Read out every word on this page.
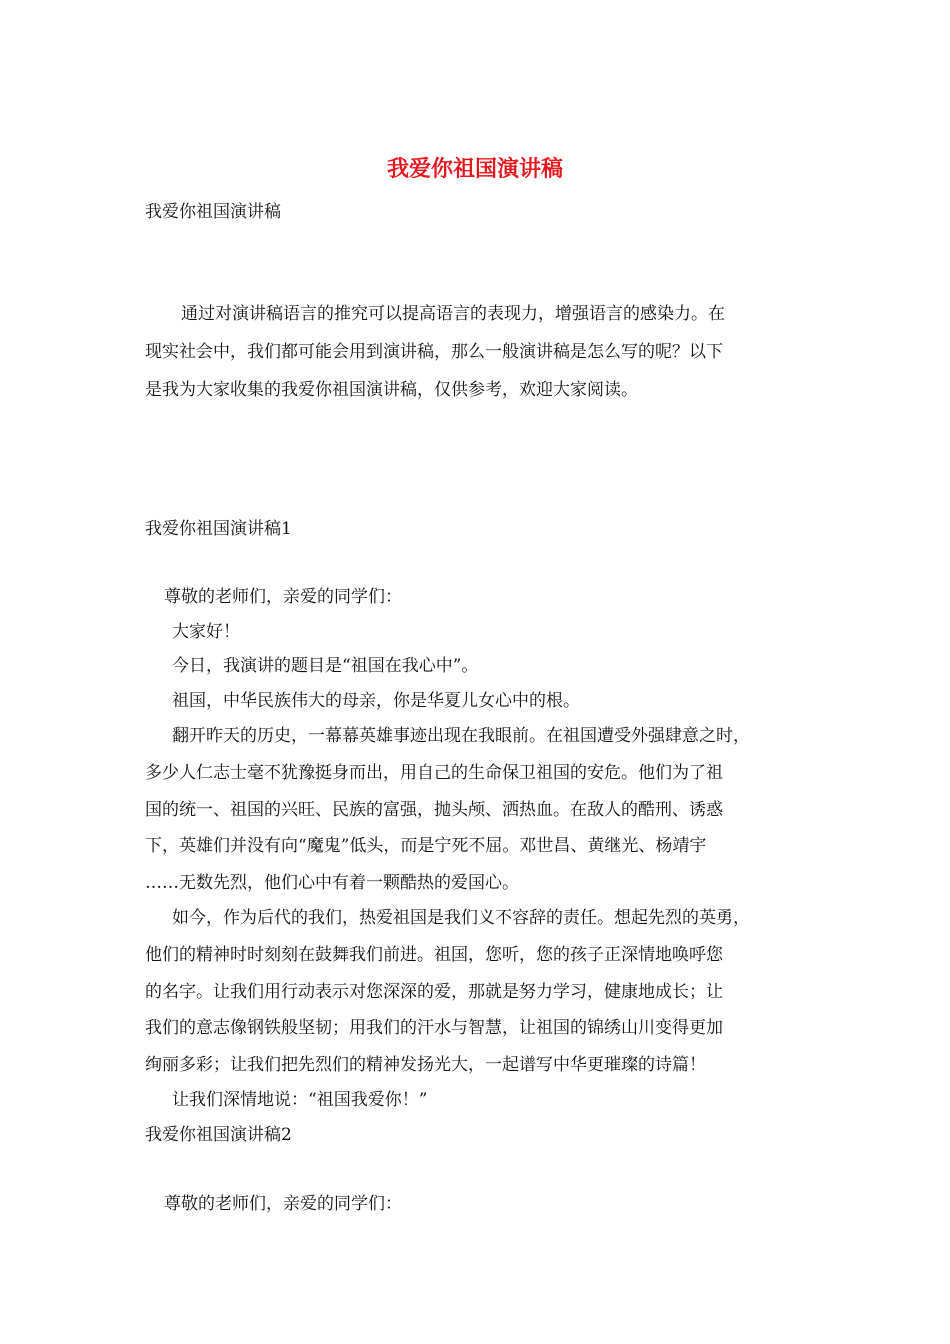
我爱你祖国演讲稿

我爱你祖国演讲稿

通过对演讲稿语言的推究可以提高语言的表现力，增强语言的感染力。在

现实社会中，我们都可能会用到演讲稿，那么一般演讲稿是怎么写的呢？以下

是我为大家收集的我爱你祖国演讲稿，仅供参考，欢迎大家阅读。

我爱你祖国演讲稿1

尊敬的老师们，亲爱的同学们：

大家好！

今日，我演讲的题目是“祖国在我心中”。

祖国，中华民族伟大的母亲，你是华夏儿女心中的根。

翻开昨天的历史，一幕幕英雄事迹出现在我眼前。在祖国遭受外强肆意之时，

多少人仁志士毫不犹豫挺身而出，用自己的生命保卫祖国的安危。他们为了祖

国的统一、祖国的兴旺、民族的富强，抛头颅、洒热血。在敌人的酷刑、诱惑

下，英雄们并没有向“魔鬼”低头，而是宁死不屈。邓世昌、黄继光、杨靖宇

……无数先烈，他们心中有着一颗酷热的爱国心。

如今，作为后代的我们，热爱祖国是我们义不容辞的责任。想起先烈的英勇，

他们的精神时时刻刻在鼓舞我们前进。祖国，您听，您的孩子正深情地唤呼您

的名字。让我们用行动表示对您深深的爱，那就是努力学习，健康地成长；让

我们的意志像钢铁般坚韧；用我们的汗水与智慧，让祖国的锦绣山川变得更加

绚丽多彩；让我们把先烈们的精神发扬光大，一起谱写中华更璀璨的诗篇！

让我们深情地说：“祖国我爱你！”

我爱你祖国演讲稿2

尊敬的老师们，亲爱的同学们：
